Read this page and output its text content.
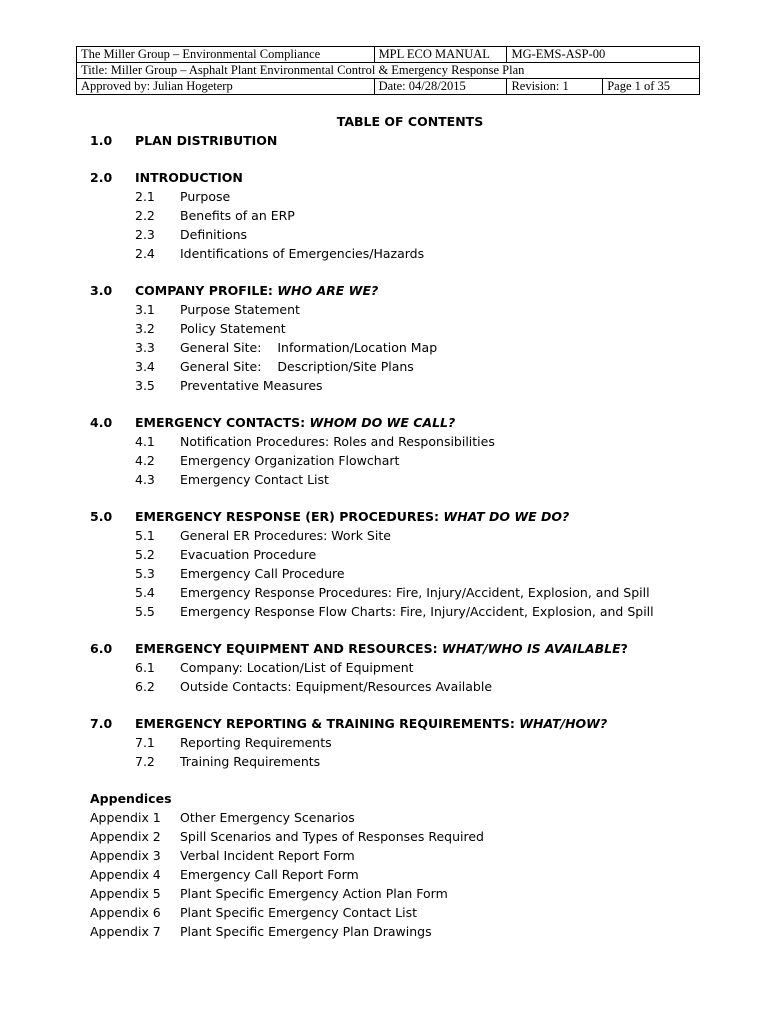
The Miller Group – Environmental Compliance	MPL ECO MANUAL	MG-EMS-ASP-00	
Title: Miller Group – Asphalt Plant Environmental Control & Emergency Response Plan			
Approved by: Julian Hogeterp	Date: 04/28/2015	Revision: 1	Page 1 of 35
TABLE OF CONTENTS
1.0	PLAN DISTRIBUTION
2.0	INTRODUCTION
2.1	Purpose
2.2	Benefits of an ERP
2.3	Definitions
2.4	Identifications of Emergencies/Hazards
3.0	COMPANY PROFILE: WHO ARE WE?
3.1	Purpose Statement
3.2	Policy Statement
3.3	General Site:    Information/Location Map
3.4	General Site:    Description/Site Plans
3.5	Preventative Measures
4.0	EMERGENCY CONTACTS: WHOM DO WE CALL?
4.1	Notification Procedures: Roles and Responsibilities
4.2	Emergency Organization Flowchart
4.3	Emergency Contact List
5.0	EMERGENCY RESPONSE (ER) PROCEDURES: WHAT DO WE DO?
5.1	General ER Procedures: Work Site
5.2	Evacuation Procedure
5.3	Emergency Call Procedure
5.4	Emergency Response Procedures: Fire, Injury/Accident, Explosion, and Spill
5.5	Emergency Response Flow Charts: Fire, Injury/Accident, Explosion, and Spill
6.0	EMERGENCY EQUIPMENT AND RESOURCES: WHAT/WHO IS AVAILABLE?
6.1	Company: Location/List of Equipment
6.2	Outside Contacts: Equipment/Resources Available
7.0	EMERGENCY REPORTING & TRAINING REQUIREMENTS: WHAT/HOW?
7.1	Reporting Requirements
7.2	Training Requirements
Appendices
Appendix 1	Other Emergency Scenarios
Appendix 2	Spill Scenarios and Types of Responses Required
Appendix 3	Verbal Incident Report Form
Appendix 4	Emergency Call Report Form
Appendix 5	Plant Specific Emergency Action Plan Form
Appendix 6	Plant Specific Emergency Contact List
Appendix 7	Plant Specific Emergency Plan Drawings
